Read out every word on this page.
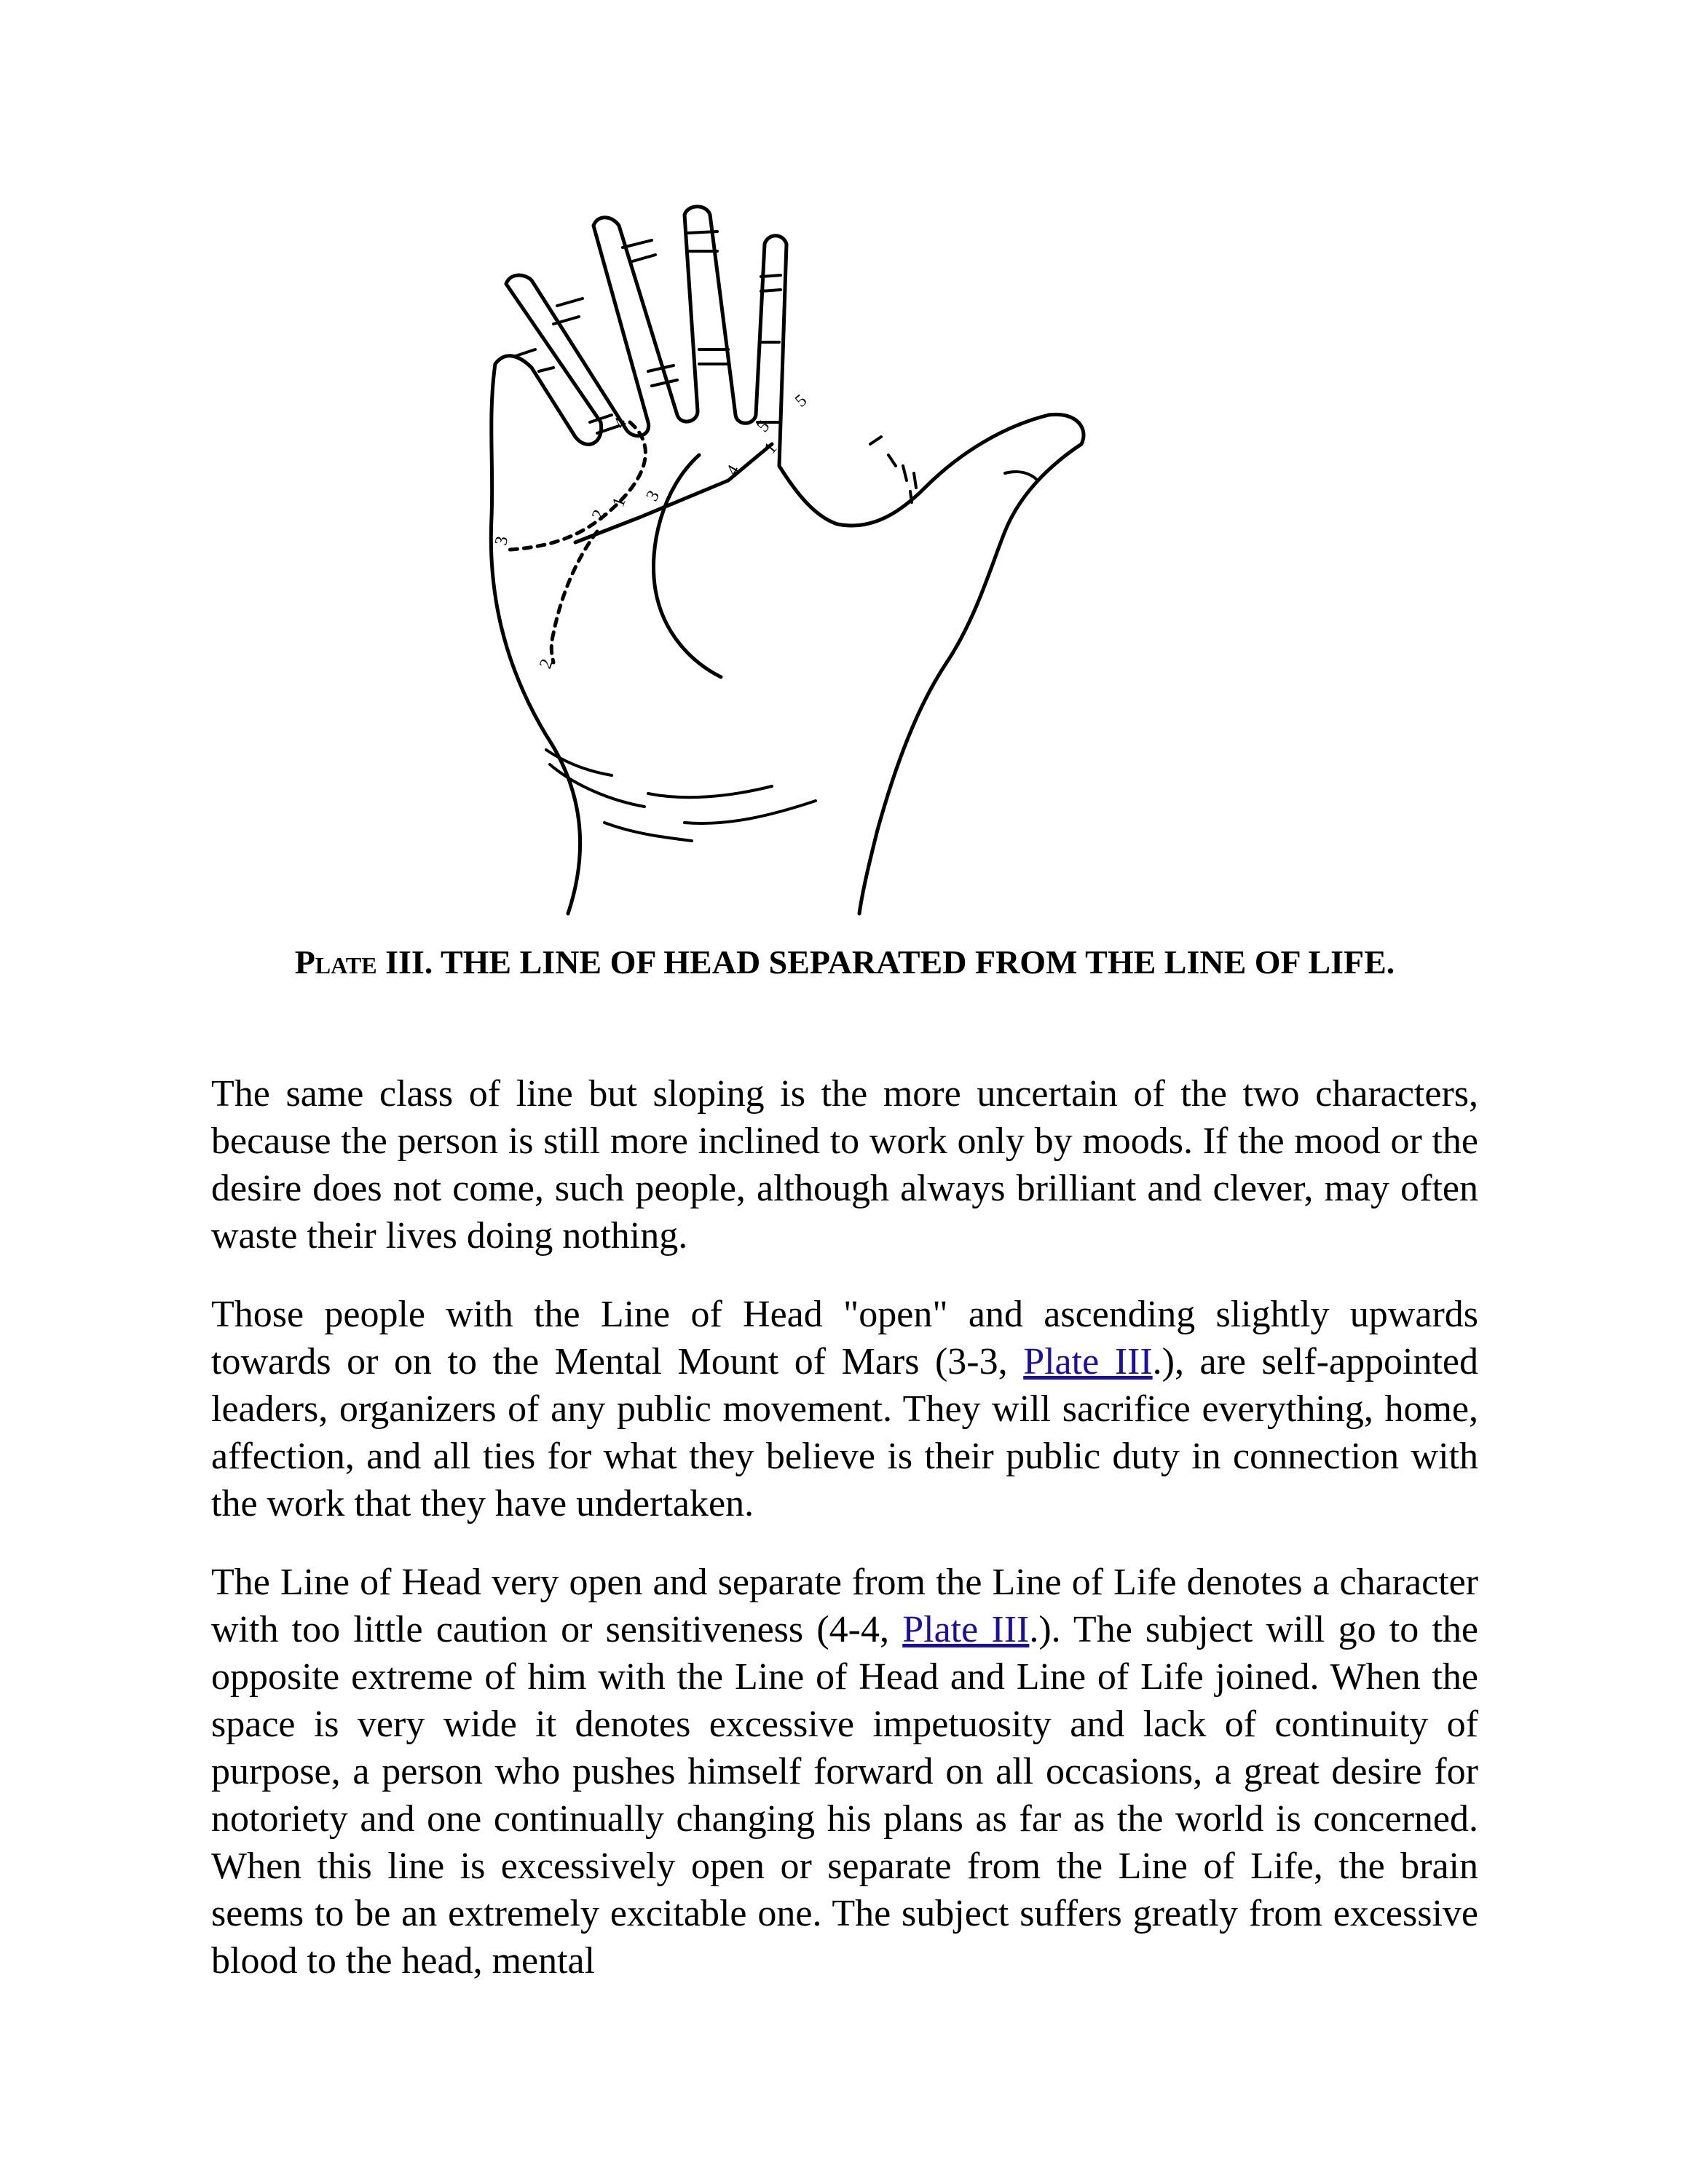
1
2
3
4
2
3
4
5
5
1
Plate III. THE LINE OF HEAD SEPARATED FROM THE LINE OF LIFE.

The same class of line but sloping is the more uncertain of the two characters, because the person is still more inclined to work only by moods. If the mood or the desire does not come, such people, although always brilliant and clever, may often waste their lives doing nothing.

Those people with the Line of Head "open" and ascending slightly upwards towards or on to the Mental Mount of Mars (3-3, Plate III.), are self-appointed leaders, organizers of any public movement. They will sacrifice everything, home, affection, and all ties for what they believe is their public duty in connection with the work that they have undertaken.

The Line of Head very open and separate from the Line of Life denotes a character with too little caution or sensitiveness (4-4, Plate III.). The subject will go to the opposite extreme of him with the Line of Head and Line of Life joined. When the space is very wide it denotes excessive impetuosity and lack of continuity of purpose, a person who pushes himself forward on all occasions, a great desire for notoriety and one continually changing his plans as far as the world is concerned. When this line is excessively open or separate from the Line of Life, the brain seems to be an extremely excitable one. The subject suffers greatly from excessive blood to the head, mental
